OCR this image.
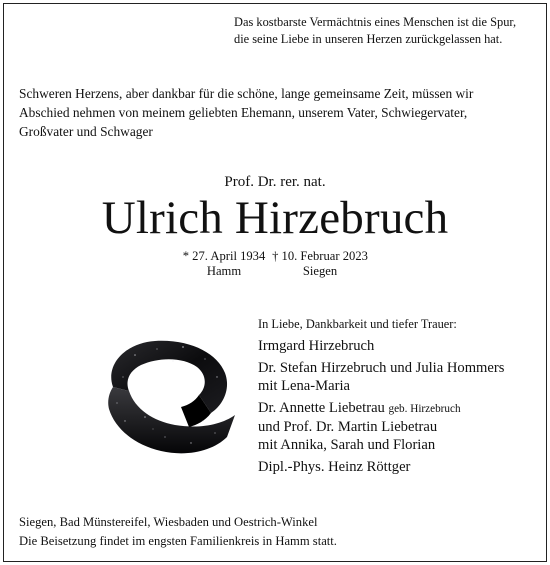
Das kostbarste Vermächtnis eines Menschen ist die Spur,
die seine Liebe in unseren Herzen zurückgelassen hat.
Schweren Herzens, aber dankbar für die schöne, lange gemeinsame Zeit, müssen wir
Abschied nehmen von meinem geliebten Ehemann, unserem Vater, Schwiegervater,
Großvater und Schwager
Prof. Dr. rer. nat.
Ulrich Hirzebruch
* 27. April 1934
Hamm
† 10. Februar 2023
Siegen
In Liebe, Dankbarkeit und tiefer Trauer:
Irmgard Hirzebruch
Dr. Stefan Hirzebruch und Julia Hommers
mit Lena-Maria
Dr. Annette Liebetrau geb. Hirzebruch
und Prof. Dr. Martin Liebetrau
mit Annika, Sarah und Florian
Dipl.-Phys. Heinz Röttger
Siegen, Bad Münstereifel, Wiesbaden und Oestrich-Winkel
Die Beisetzung findet im engsten Familienkreis in Hamm statt.
